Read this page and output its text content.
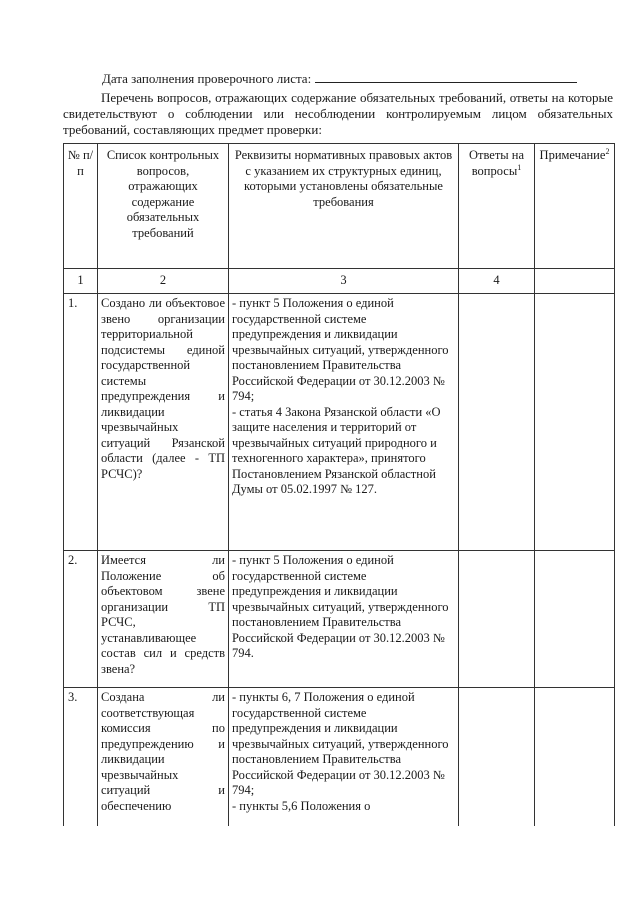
Дата заполнения проверочного листа:
Перечень вопросов, отражающих содержание обязательных требований, ответы на которые свидетельствуют о соблюдении или несоблюдении контролируемым лицом обязательных требований, составляющих предмет проверки:
№ п/п	Список контрольных вопросов, отражающих содержание обязательных требований	Реквизиты нормативных правовых актов с указанием их структурных единиц, которыми установлены обязательные требования	Ответы на вопросы$^1$	Примечание$^2$
1	2	3	4	
1.	Создано ли объектовое звено организации территориальной подсистемы единой государственной системы предупреждения и ликвидации чрезвычайных ситуаций Рязанской области (далее - ТП РСЧС)?	- пункт 5 Положения о единой государственной системе предупреждения и ликвидации чрезвычайных ситуаций, утвержденного постановлением Правительства Российской Федерации от 30.12.2003 № 794;
- статья 4 Закона Рязанской области «О защите населения и территорий от чрезвычайных ситуаций природного и техногенного характера», принятого Постановлением Рязанской областной Думы от 05.02.1997 № 127.		
2.	Имеется ли Положение об объектовом звене организации ТП РСЧС, устанавливающее состав сил и средств звена?	- пункт 5 Положения о единой государственной системе предупреждения и ликвидации чрезвычайных ситуаций, утвержденного постановлением Правительства Российской Федерации от 30.12.2003 № 794.		
3.	Создана ли соответствующая комиссия по предупреждению и ликвидации чрезвычайных ситуаций и обеспечению	- пункты 6, 7 Положения о единой государственной системе предупреждения и ликвидации чрезвычайных ситуаций, утвержденного постановлением Правительства Российской Федерации от 30.12.2003 № 794;
- пункты 5,6 Положения о		
